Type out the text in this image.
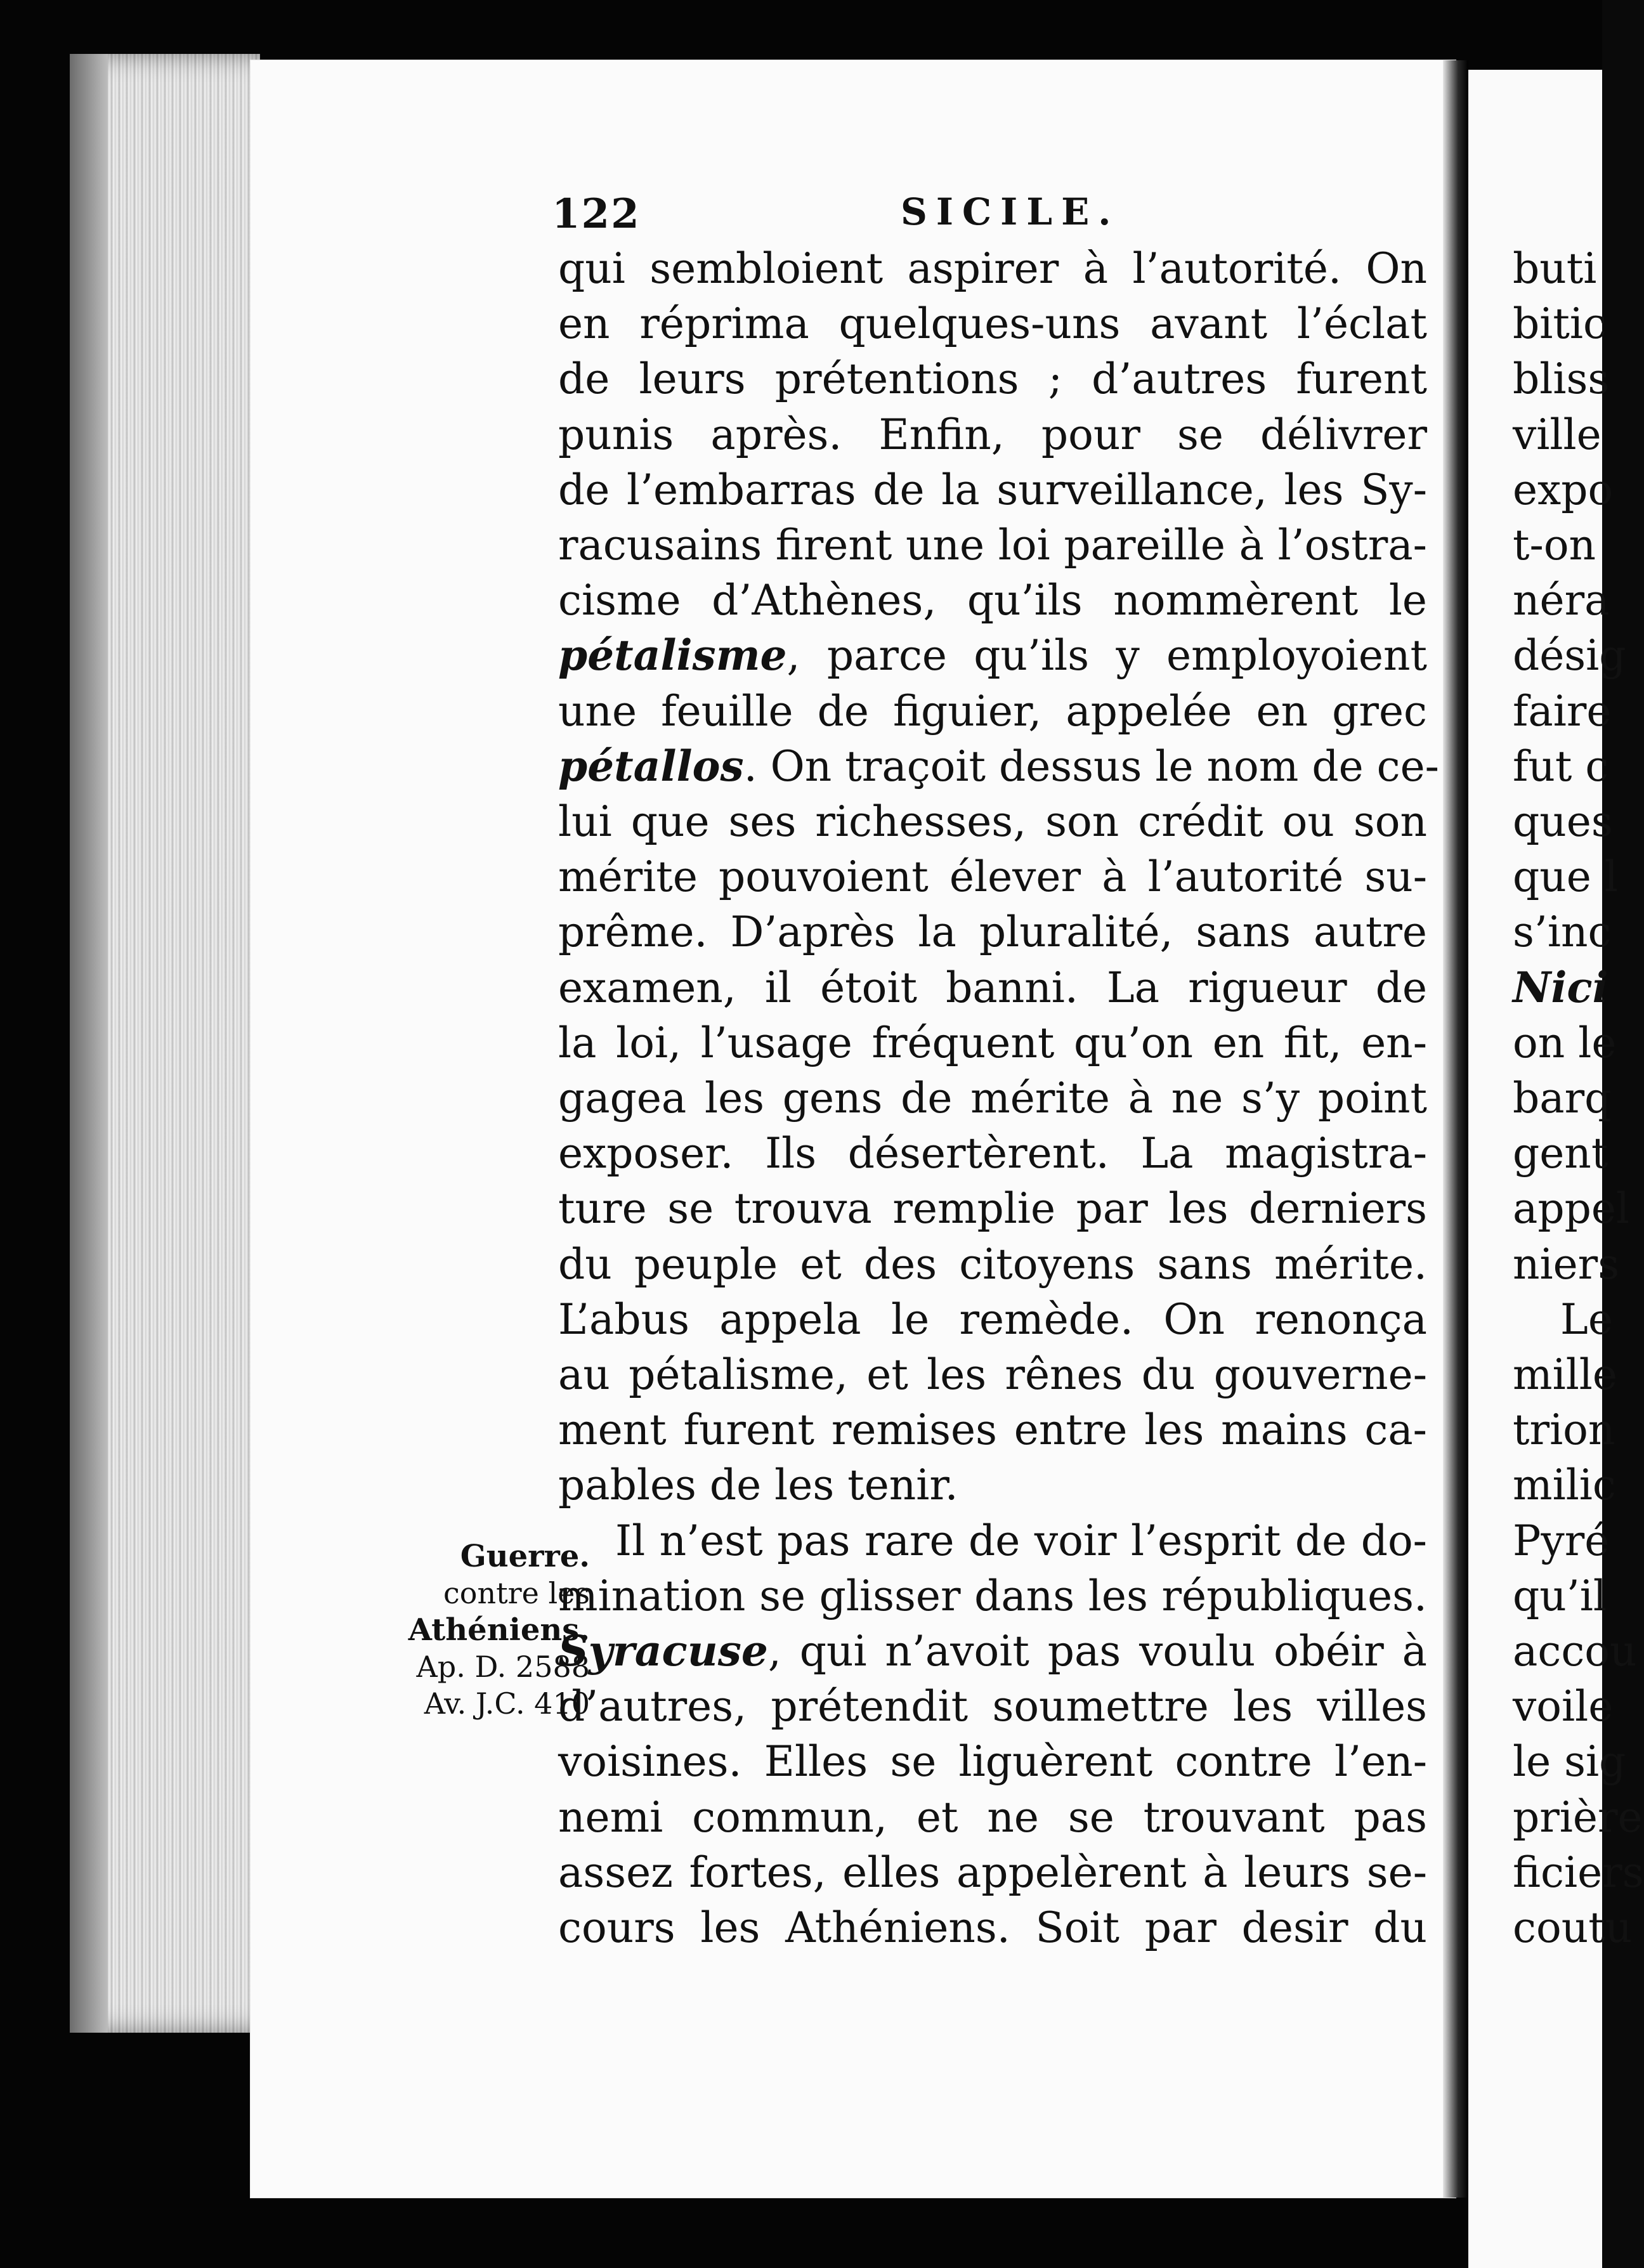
122	SICILE.
qui sembloient aspirer à l’autorité. On
en réprima quelques-uns avant l’éclat
de leurs prétentions ; d’autres furent
punis après. Enfin, pour se délivrer
de l’embarras de la surveillance, les Sy-
racusains firent une loi pareille à l’ostra-
cisme d’Athènes, qu’ils nommèrent le
pétalisme, parce qu’ils y employoient
une feuille de figuier, appelée en grec
pétallos. On traçoit dessus le nom de ce-
lui que ses richesses, son crédit ou son
mérite pouvoient élever à l’autorité su-
prême. D’après la pluralité, sans autre
examen, il étoit banni. La rigueur de
la loi, l’usage fréquent qu’on en fit, en-
gagea les gens de mérite à ne s’y point
exposer. Ils désertèrent. La magistra-
ture se trouva remplie par les derniers
du peuple et des citoyens sans mérite.
L’abus appela le remède. On renonça
au pétalisme, et les rênes du gouverne-
ment furent remises entre les mains ca-
pables de les tenir.
Il n’est pas rare de voir l’esprit de do-
mination se glisser dans les républiques.
Syracuse, qui n’avoit pas voulu obéir à
d’autres, prétendit soumettre les villes
voisines. Elles se liguèrent contre l’en-
nemi commun, et ne se trouvant pas
assez fortes, elles appelèrent à leurs se-
cours les Athéniens. Soit par desir du
Guerre.
contre les
Athéniens.
Ap. D. 2588
Av. J.C. 410
buti
bitic
bliss
ville
expo
t-on
néra
désig
faire
fut c
ques
que l
s’inc
Nici
on le
barq
gent
appel
niers
Le
mille
trion
milic
Pyré
qu’il
accou
voile
le sig
prière
ficiers
coutu
